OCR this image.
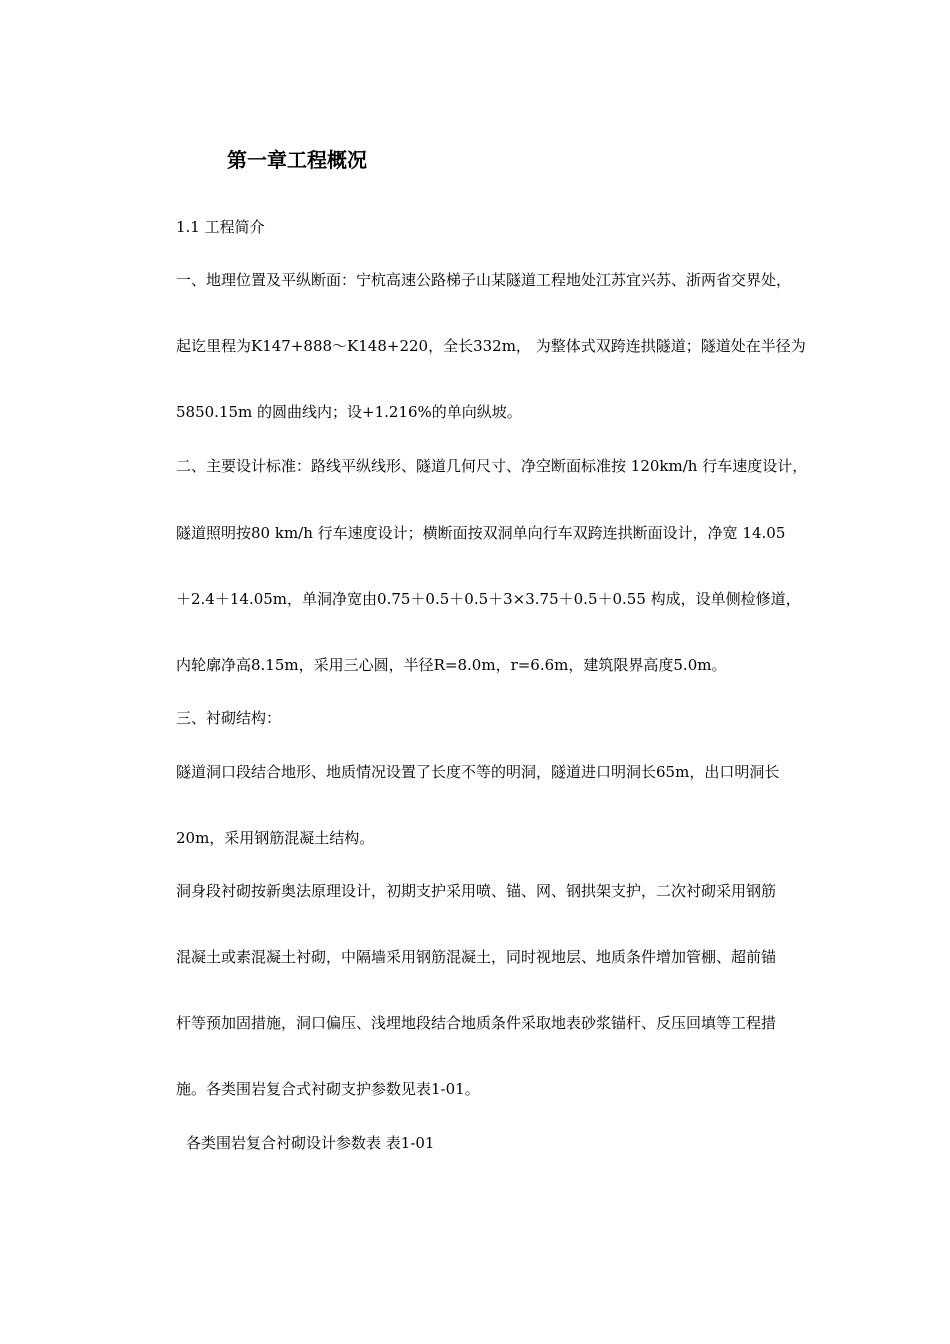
第一章工程概况
1.1 工程简介
一、地理位置及平纵断面：宁杭高速公路梯子山某隧道工程地处江苏宜兴苏、浙两省交界处，
起讫里程为K147+888～K148+220，全长332m， 为整体式双跨连拱隧道；隧道处在半径为
5850.15m 的圆曲线内；设+1.216%的单向纵坡。
二、主要设计标准：路线平纵线形、隧道几何尺寸、净空断面标准按 120km/h 行车速度设计，
隧道照明按80 km/h 行车速度设计；横断面按双洞单向行车双跨连拱断面设计，净宽 14.05
＋2.4＋14.05m，单洞净宽由0.75＋0.5＋0.5＋3×3.75＋0.5＋0.55 构成，设单侧检修道，
内轮廓净高8.15m，采用三心圆，半径R=8.0m，r=6.6m，建筑限界高度5.0m。
三、衬砌结构：
隧道洞口段结合地形、地质情况设置了长度不等的明洞，隧道进口明洞长65m，出口明洞长
20m，采用钢筋混凝土结构。
洞身段衬砌按新奥法原理设计，初期支护采用喷、锚、网、钢拱架支护，二次衬砌采用钢筋
混凝土或素混凝土衬砌，中隔墙采用钢筋混凝土，同时视地层、地质条件增加管棚、超前锚
杆等预加固措施，洞口偏压、浅埋地段结合地质条件采取地表砂浆锚杆、反压回填等工程措
施。各类围岩复合式衬砌支护参数见表1-01。
各类围岩复合衬砌设计参数表 表1-01
